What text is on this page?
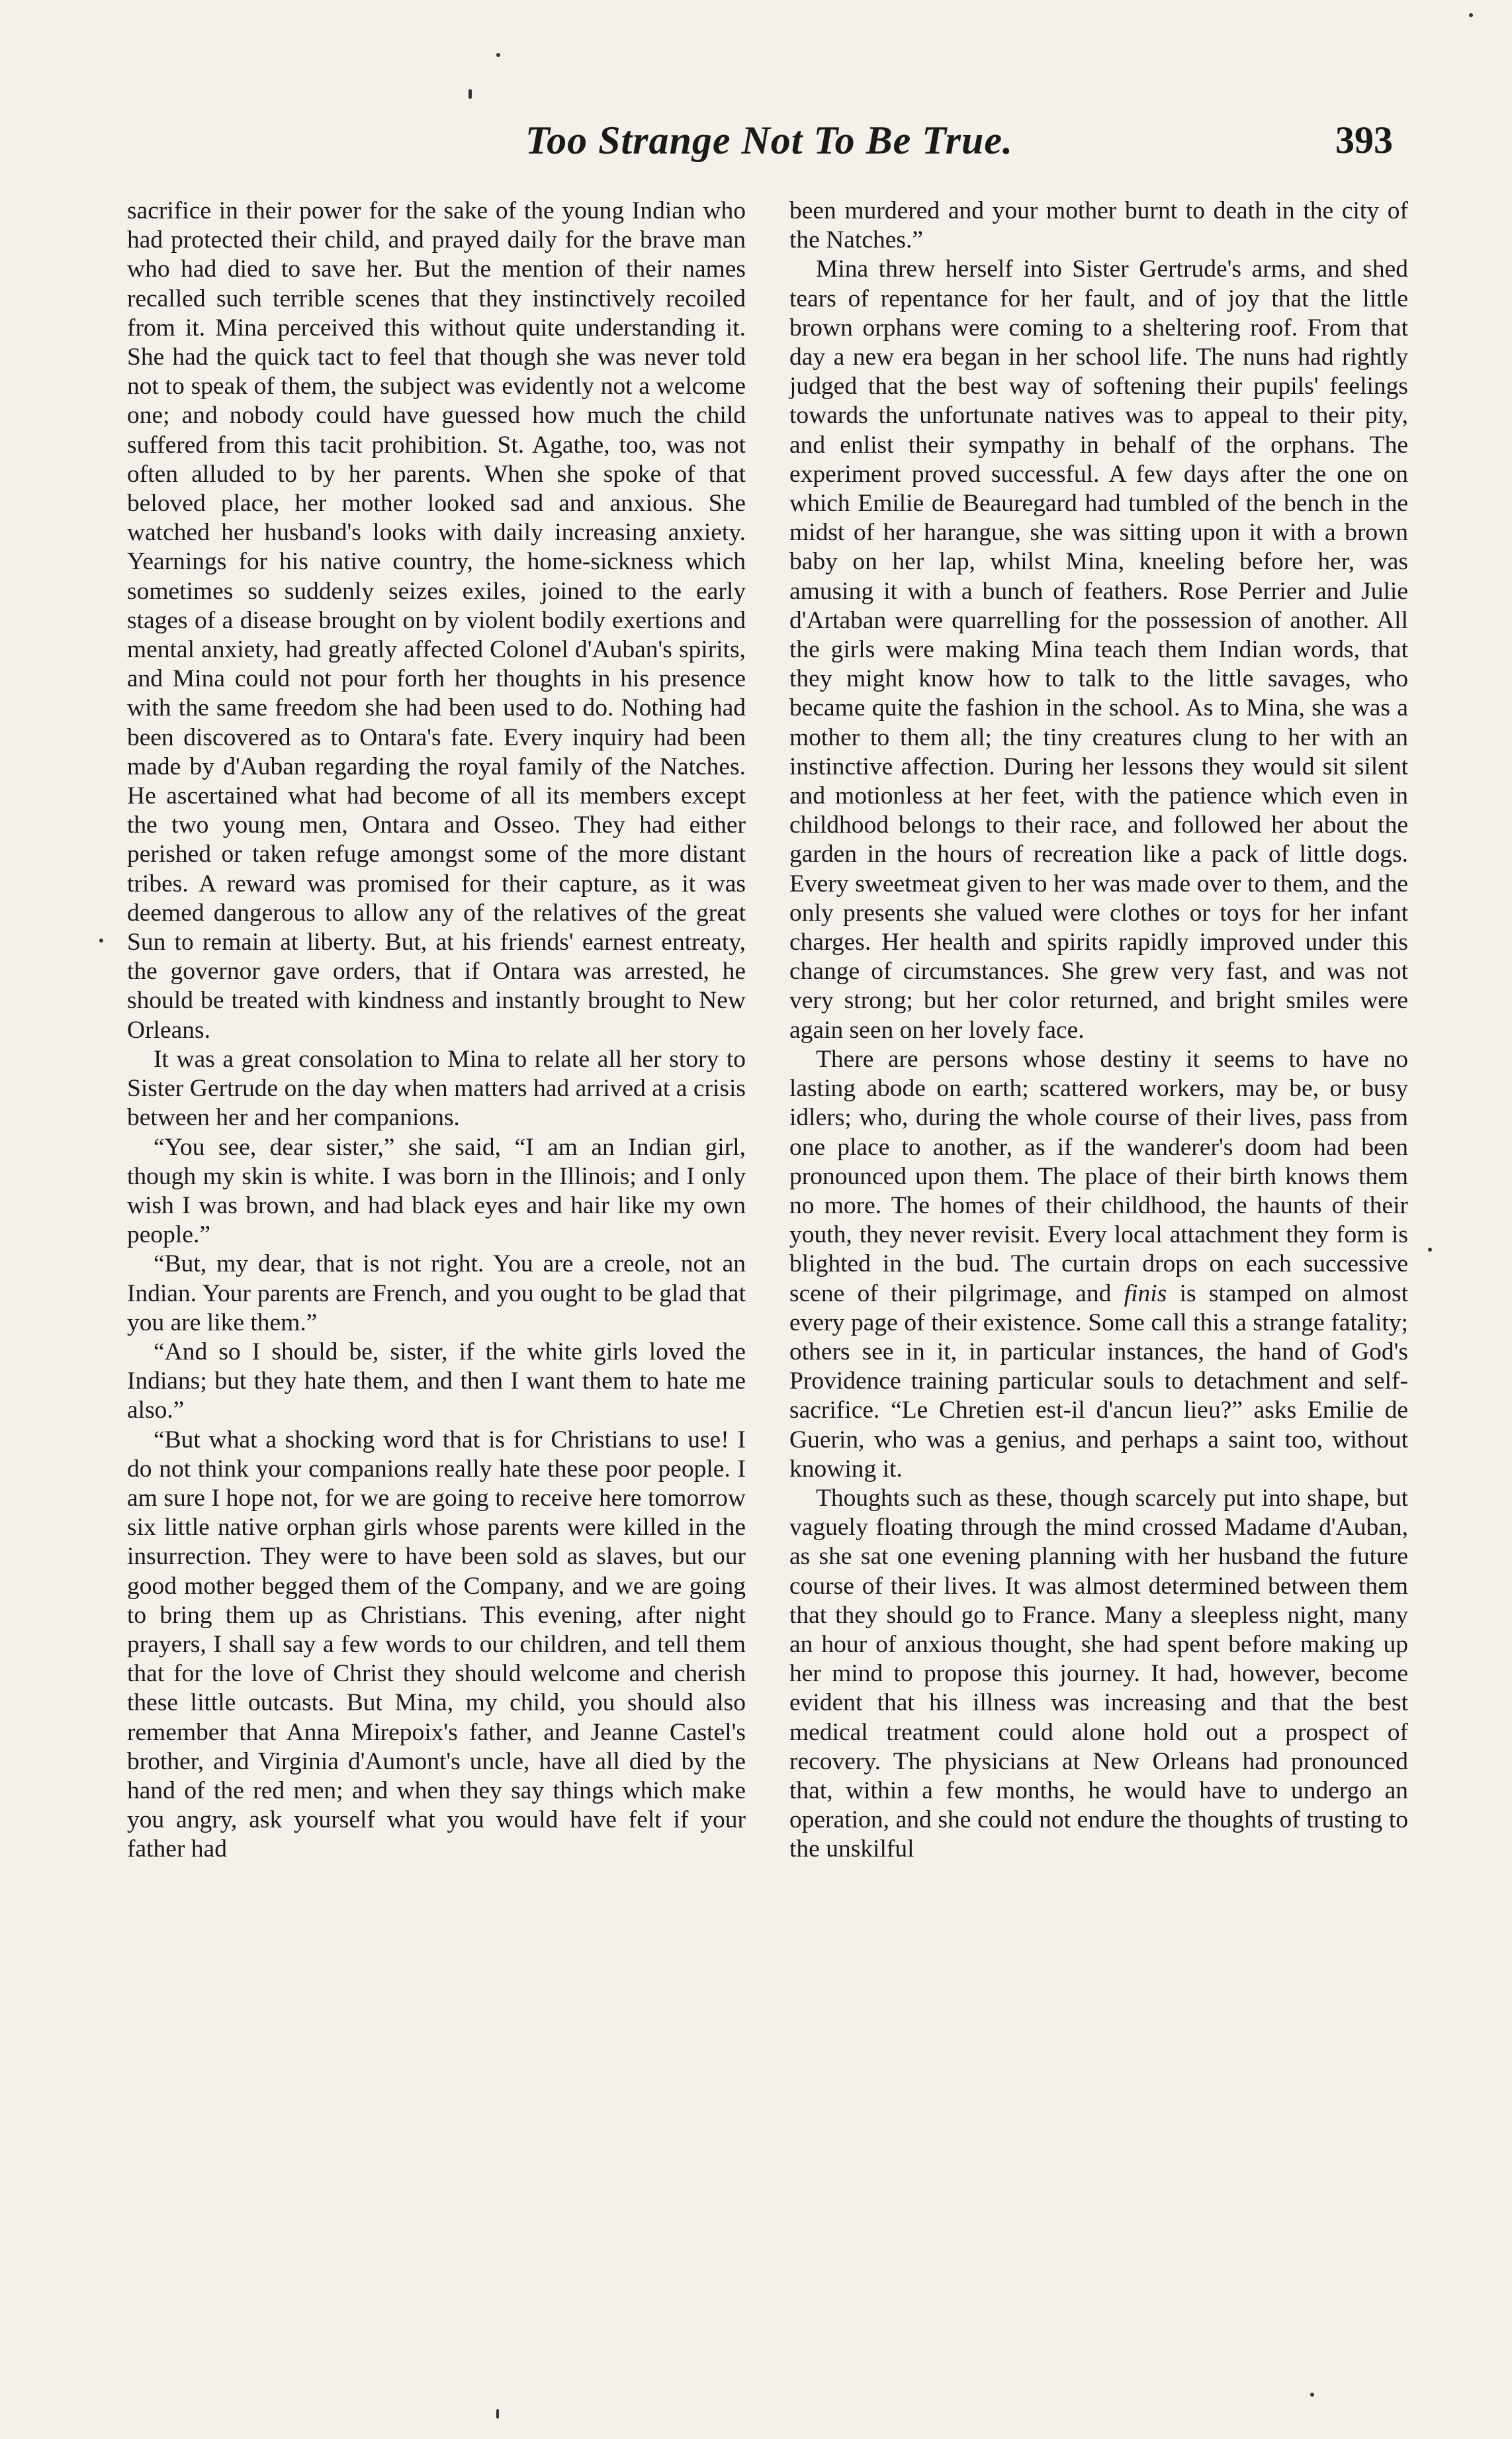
Too Strange Not To Be True.	393

sacrifice in their power for the sake of the young Indian who had protected their child, and prayed daily for the brave man who had died to save her. But the mention of their names recalled such terrible scenes that they instinctively recoiled from it. Mina perceived this without quite understanding it. She had the quick tact to feel that though she was never told not to speak of them, the subject was evidently not a welcome one; and nobody could have guessed how much the child suffered from this tacit prohibition. St. Agathe, too, was not often alluded to by her parents. When she spoke of that beloved place, her mother looked sad and anxious. She watched her husband's looks with daily increasing anxiety. Yearnings for his native country, the home-sickness which sometimes so suddenly seizes exiles, joined to the early stages of a disease brought on by violent bodily exertions and mental anxiety, had greatly affected Colonel d'Auban's spirits, and Mina could not pour forth her thoughts in his presence with the same freedom she had been used to do. Nothing had been discovered as to Ontara's fate. Every inquiry had been made by d'Auban regarding the royal family of the Natches. He ascertained what had become of all its members except the two young men, Ontara and Osseo. They had either perished or taken refuge amongst some of the more distant tribes. A reward was promised for their capture, as it was deemed dangerous to allow any of the relatives of the great Sun to remain at liberty. But, at his friends' earnest entreaty, the governor gave orders, that if Ontara was arrested, he should be treated with kindness and instantly brought to New Orleans.

It was a great consolation to Mina to relate all her story to Sister Gertrude on the day when matters had arrived at a crisis between her and her companions.

“You see, dear sister,” she said, “I am an Indian girl, though my skin is white. I was born in the Illinois; and I only wish I was brown, and had black eyes and hair like my own people.”

“But, my dear, that is not right. You are a creole, not an Indian. Your parents are French, and you ought to be glad that you are like them.”

“And so I should be, sister, if the white girls loved the Indians; but they hate them, and then I want them to hate me also.”

“But what a shocking word that is for Christians to use! I do not think your companions really hate these poor people. I am sure I hope not, for we are going to receive here tomorrow six little native orphan girls whose parents were killed in the insurrection. They were to have been sold as slaves, but our good mother begged them of the Company, and we are going to bring them up as Christians. This evening, after night prayers, I shall say a few words to our children, and tell them that for the love of Christ they should welcome and cherish these little outcasts. But Mina, my child, you should also remember that Anna Mirepoix's father, and Jeanne Castel's brother, and Virginia d'Aumont's uncle, have all died by the hand of the red men; and when they say things which make you angry, ask yourself what you would have felt if your father had

been murdered and your mother burnt to death in the city of the Natches.”

Mina threw herself into Sister Gertrude's arms, and shed tears of repentance for her fault, and of joy that the little brown orphans were coming to a sheltering roof. From that day a new era began in her school life. The nuns had rightly judged that the best way of softening their pupils' feelings towards the unfortunate natives was to appeal to their pity, and enlist their sympathy in behalf of the orphans. The experiment proved successful. A few days after the one on which Emilie de Beauregard had tumbled of the bench in the midst of her harangue, she was sitting upon it with a brown baby on her lap, whilst Mina, kneeling before her, was amusing it with a bunch of feathers. Rose Perrier and Julie d'Artaban were quarrelling for the possession of another. All the girls were making Mina teach them Indian words, that they might know how to talk to the little savages, who became quite the fashion in the school. As to Mina, she was a mother to them all; the tiny creatures clung to her with an instinctive affection. During her lessons they would sit silent and motionless at her feet, with the patience which even in childhood belongs to their race, and followed her about the garden in the hours of recreation like a pack of little dogs. Every sweetmeat given to her was made over to them, and the only presents she valued were clothes or toys for her infant charges. Her health and spirits rapidly improved under this change of circumstances. She grew very fast, and was not very strong; but her color returned, and bright smiles were again seen on her lovely face.

There are persons whose destiny it seems to have no lasting abode on earth; scattered workers, may be, or busy idlers; who, during the whole course of their lives, pass from one place to another, as if the wanderer's doom had been pronounced upon them. The place of their birth knows them no more. The homes of their childhood, the haunts of their youth, they never revisit. Every local attachment they form is blighted in the bud. The curtain drops on each successive scene of their pilgrimage, and finis is stamped on almost every page of their existence. Some call this a strange fatality; others see in it, in particular instances, the hand of God's Providence training particular souls to detachment and self-sacrifice. “Le Chretien est-il d'ancun lieu?” asks Emilie de Guerin, who was a genius, and perhaps a saint too, without knowing it.

Thoughts such as these, though scarcely put into shape, but vaguely floating through the mind crossed Madame d'Auban, as she sat one evening planning with her husband the future course of their lives. It was almost determined between them that they should go to France. Many a sleepless night, many an hour of anxious thought, she had spent before making up her mind to propose this journey. It had, however, become evident that his illness was increasing and that the best medical treatment could alone hold out a prospect of recovery. The physicians at New Orleans had pronounced that, within a few months, he would have to undergo an operation, and she could not endure the thoughts of trusting to the unskilful
